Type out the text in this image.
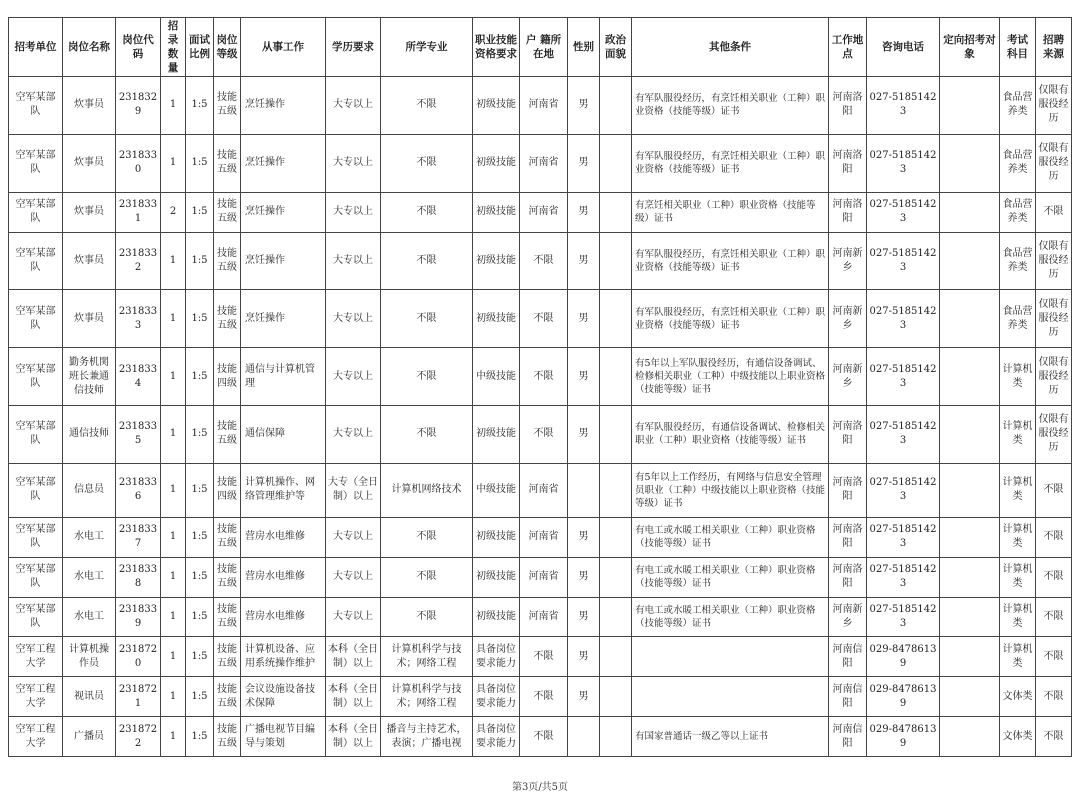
招考单位	岗位名称	岗位代码	招录数量	面试比例	岗位等级	从事工作	学历要求	所学专业	职业技能资格要求	户 籍所在地	性别	政治面貌	其他条件	工作地点	咨询电话	定向招考对象	考试科目	招聘来源
空军某部队	炊事员	2318329	1	1:5	技能五级	烹饪操作	大专以上	不限	初级技能	河南省	男		有军队服役经历，有烹饪相关职业（工种）职业资格（技能等级）证书	河南洛阳	027-51851423		食品营养类	仅限有服役经历
空军某部队	炊事员	2318330	1	1:5	技能五级	烹饪操作	大专以上	不限	初级技能	河南省	男		有军队服役经历，有烹饪相关职业（工种）职业资格（技能等级）证书	河南洛阳	027-51851423		食品营养类	仅限有服役经历
空军某部队	炊事员	2318331	2	1:5	技能五级	烹饪操作	大专以上	不限	初级技能	河南省	男		有烹饪相关职业（工种）职业资格（技能等级）证书	河南洛阳	027-51851423		食品营养类	不限
空军某部队	炊事员	2318332	1	1:5	技能五级	烹饪操作	大专以上	不限	初级技能	不限	男		有军队服役经历，有烹饪相关职业（工种）职业资格（技能等级）证书	河南新乡	027-51851423		食品营养类	仅限有服役经历
空军某部队	炊事员	2318333	1	1:5	技能五级	烹饪操作	大专以上	不限	初级技能	不限	男		有军队服役经历，有烹饪相关职业（工种）职业资格（技能等级）证书	河南新乡	027-51851423		食品营养类	仅限有服役经历
空军某部队	勤务机関班长兼通信技师	2318334	1	1:5	技能四级	通信与计算机管理	大专以上	不限	中级技能	不限	男		有5年以上军队服役经历，有通信设备调试、检修相关职业（工种）中级技能以上职业资格（技能等级）证书	河南新乡	027-51851423		计算机类	仅限有服役经历
空军某部队	通信技师	2318335	1	1:5	技能五级	通信保障	大专以上	不限	初级技能	不限	男		有军队服役经历，有通信设备调试、检修相关职业（工种）职业资格（技能等级）证书	河南洛阳	027-51851423		计算机类	仅限有服役经历
空军某部队	信息员	2318336	1	1:5	技能四级	计算机操作、网络管理维护等	大专（全日制）以上	计算机网络技术	中级技能	河南省			有5年以上工作经历，有网络与信息安全管理员职业（工种）中级技能以上职业资格（技能等级）证书	河南洛阳	027-51851423		计算机类	不限
空军某部队	水电工	2318337	1	1:5	技能五级	营房水电维修	大专以上	不限	初级技能	河南省	男		有电工或水暖工相关职业（工种）职业资格（技能等级）证书	河南洛阳	027-51851423		计算机类	不限
空军某部队	水电工	2318338	1	1:5	技能五级	营房水电维修	大专以上	不限	初级技能	河南省	男		有电工或水暖工相关职业（工种）职业资格（技能等级）证书	河南洛阳	027-51851423		计算机类	不限
空军某部队	水电工	2318339	1	1:5	技能五级	营房水电维修	大专以上	不限	初级技能	河南省	男		有电工或水暖工相关职业（工种）职业资格（技能等级）证书	河南新乡	027-51851423		计算机类	不限
空军工程大学	计算机操作员	2318720	1	1:5	技能五级	计算机设备、应用系统操作维护	本科（全日制）以上	计算机科学与技术；网络工程	具备岗位要求能力	不限	男			河南信阳	029-84786139		计算机类	不限
空军工程大学	视讯员	2318721	1	1:5	技能五级	会议设施设备技术保障	本科（全日制）以上	计算机科学与技术；网络工程	具备岗位要求能力	不限	男			河南信阳	029-84786139		文体类	不限
空军工程大学	广播员	2318722	1	1:5	技能五级	广播电视节目编导与策划	本科（全日制）以上	播音与主持艺术，表演；广播电视	具备岗位要求能力	不限			有国家普通话一级乙等以上证书	河南信阳	029-84786139		文体类	不限
第3页/共5页
